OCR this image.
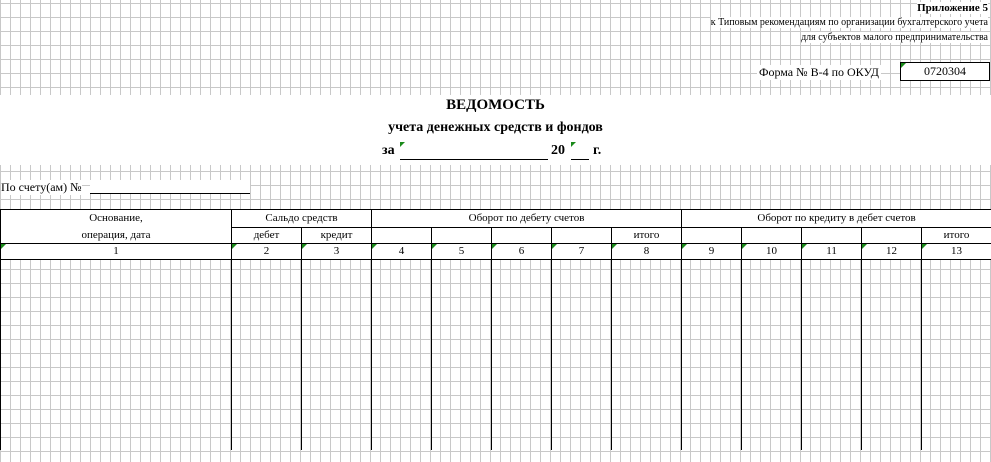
Приложение 5
к Типовым рекомендациям по организации бухгалтерского учета
для субъектов малого предпринимательства
Форма № В-4 по ОКУД	0720304
ВЕДОМОСТЬ
учета денежных средств и фондов
за	20 г.
По счету(ам) №
Основание,	Сальдо средств		Оборот по дебету счетов					Оборот по кредиту в дебет счетов				
операция, дата	дебет	кредит					итого					итого
1	2	3	4	5	6	7	8	9	10	11	12	13
